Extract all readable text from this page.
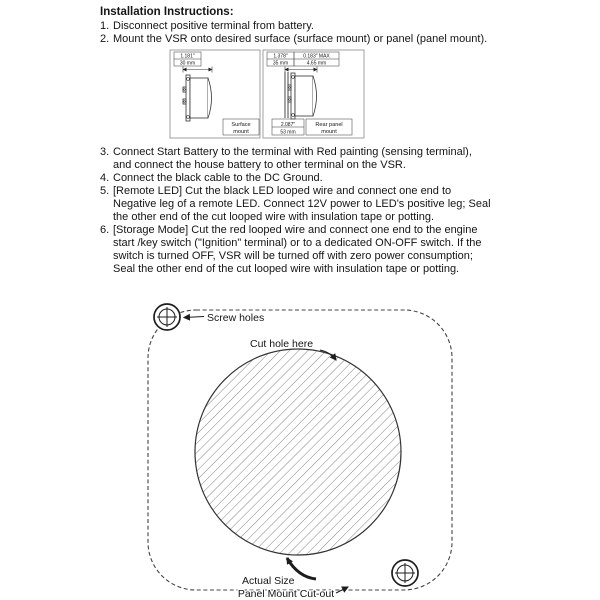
Installation Instructions:
1. Disconnect positive terminal from battery.
2. Mount the VSR onto desired surface (surface mount) or panel (panel mount).
1.181"
30 mm
Surface
mount
1.378"
35 mm
0.183" MAX
4.65 mm
2.087"
53 mm
Rear panel
mount
3. Connect Start Battery to the terminal with Red painting (sensing terminal),
and connect the house battery to other terminal on the VSR.
4. Connect the black cable to the DC Ground.
5. [Remote LED] Cut the black LED looped wire and connect one end to
Negative leg of a remote LED. Connect 12V power to LED's positive leg; Seal
the other end of the cut looped wire with insulation tape or potting.
6. [Storage Mode] Cut the red looped wire and connect one end to the engine
start /key switch ("Ignition" terminal) or to a dedicated ON-OFF switch. If the
switch is turned OFF, VSR will be turned off with zero power consumption;
Seal the other end of the cut looped wire with insulation tape or potting.
Screw holes
Cut hole here
Actual Size
Panel Mount Cut-out
